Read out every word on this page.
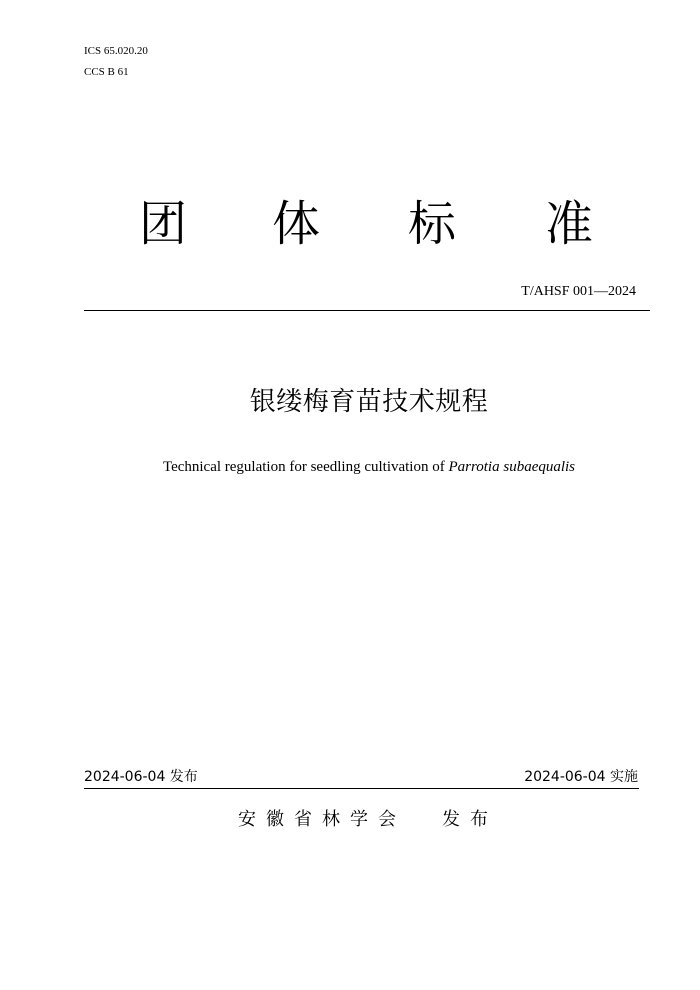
ICS 65.020.20
CCS B 61
团 体 标 准
T/AHSF 001—2024
银缕梅育苗技术规程
Technical regulation for seedling cultivation of Parrotia subaequalis
2024-06-04 发布	2024-06-04 实施
安徽省林学会 发布
